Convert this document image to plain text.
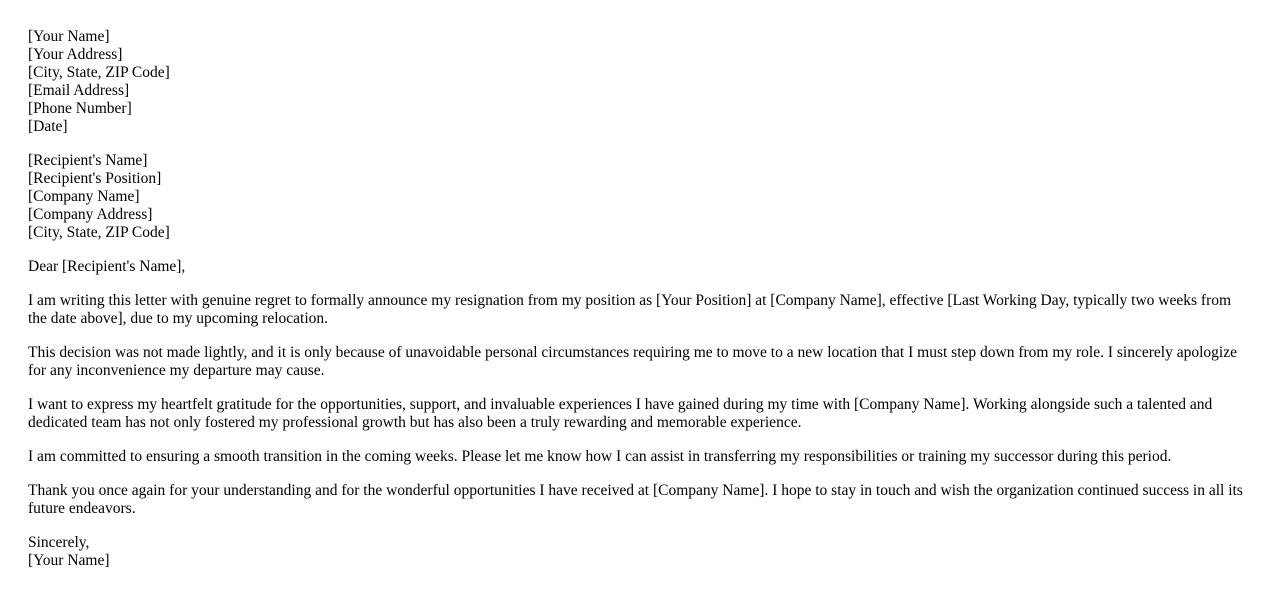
[Your Name]
[Your Address]
[City, State, ZIP Code]
[Email Address]
[Phone Number]
[Date]
[Recipient's Name]
[Recipient's Position]
[Company Name]
[Company Address]
[City, State, ZIP Code]

Dear [Recipient's Name],

I am writing this letter with genuine regret to formally announce my resignation from my position as [Your Position] at [Company Name], effective [Last Working Day, typically two weeks from the date above], due to my upcoming relocation.

This decision was not made lightly, and it is only because of unavoidable personal circumstances requiring me to move to a new location that I must step down from my role. I sincerely apologize for any inconvenience my departure may cause.

I want to express my heartfelt gratitude for the opportunities, support, and invaluable experiences I have gained during my time with [Company Name]. Working alongside such a talented and dedicated team has not only fostered my professional growth but has also been a truly rewarding and memorable experience.

I am committed to ensuring a smooth transition in the coming weeks. Please let me know how I can assist in transferring my responsibilities or training my successor during this period.

Thank you once again for your understanding and for the wonderful opportunities I have received at [Company Name]. I hope to stay in touch and wish the organization continued success in all its future endeavors.

Sincerely,
[Your Name]
